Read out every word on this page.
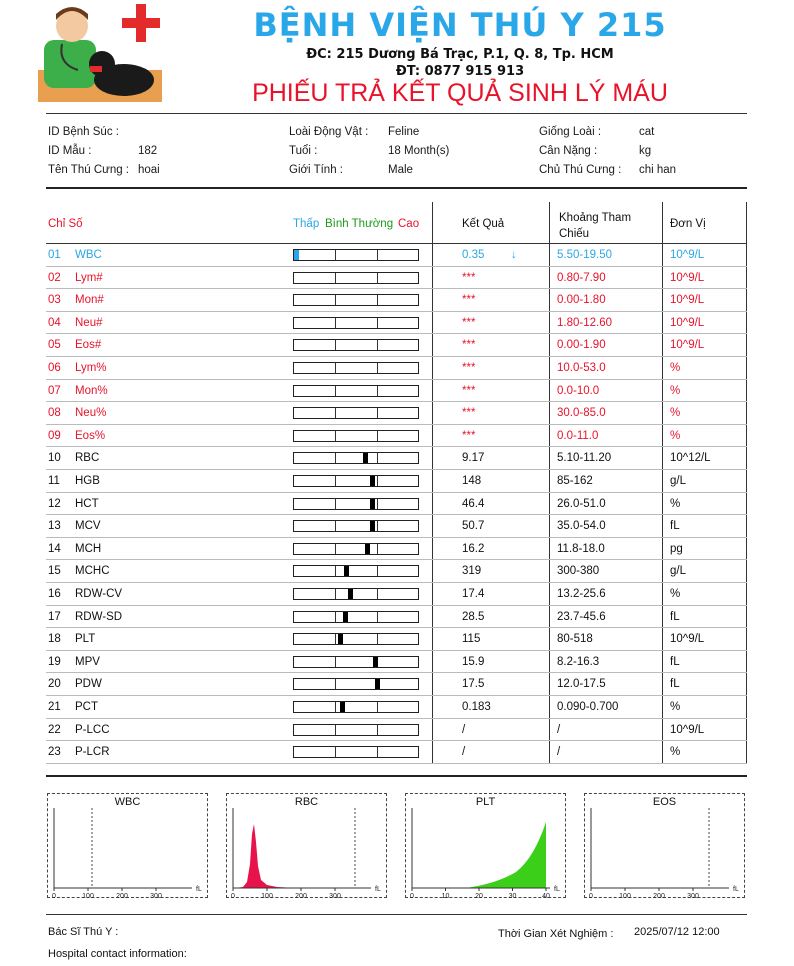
BỆNH VIỆN THÚ Y 215
ĐC: 215 Dương Bá Trạc, P.1, Q. 8, Tp. HCM
ĐT: 0877 915 913
PHIẾU TRẢ KẾT QUẢ SINH LÝ MÁU
ID Bệnh Súc :
ID Mẫu :	182
Tên Thú Cưng : hoai
Loài Động Vật : Feline
Tuổi :	18 Month(s)
Giới Tính :	Male
Giống Loài :	cat
Cân Nặng :	kg
Chủ Thú Cưng : chi han
Chỉ Số	Thấp Bình Thường Cao	Kết Quả	Khoảng Tham
Chiếu
Đơn Vị
01 WBC	0.35 ↓	5.50-19.50	10^9/L
02 Lym#	***	0.80-7.90	10^9/L
03 Mon#	***	0.00-1.80	10^9/L
04 Neu#	***	1.80-12.60	10^9/L
05 Eos#	***	0.00-1.90	10^9/L
06 Lym%	***	10.0-53.0	%
07 Mon%	***	0.0-10.0	%
08 Neu%	***	30.0-85.0	%
09 Eos%	***	0.0-11.0	%
10 RBC	9.17	5.10-11.20	10^12/L
11 HGB	148	85-162	g/L
12 HCT	46.4	26.0-51.0	%
13 MCV	50.7	35.0-54.0	fL
14 MCH	16.2	11.8-18.0	pg
15 MCHC	319	300-380	g/L
16 RDW-CV	17.4	13.2-25.6	%
17 RDW-SD	28.5	23.7-45.6	fL
18 PLT	115	80-518	10^9/L
19 MPV	15.9	8.2-16.3	fL
20 PDW	17.5	12.0-17.5	fL
21 PCT	0.183	0.090-0.700	%
22 P-LCC	/	/	10^9/L
23 P-LCR	/	/	%
WBC
0	100	200	300
fL
RBC
0	100	200	300
fL
PLT
0	10	20	30	40
fL
EOS
0	100	200	300
fL
Bác Sĩ Thú Y :	Thời Gian Xét Nghiệm : 2025/07/12 12:00
Hospital contact information:
